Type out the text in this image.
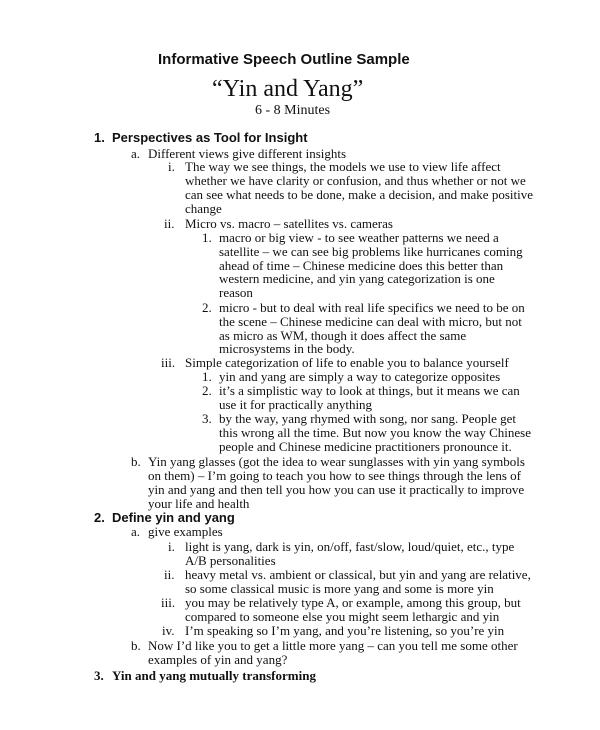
Informative Speech Outline Sample
“Yin and Yang”
6 - 8 Minutes
1. Perspectives as Tool for Insight
a. Different views give different insights
i. The way we see things, the models we use to view life affect
whether we have clarity or confusion, and thus whether or not we
can see what needs to be done, make a decision, and make positive
change
ii. Micro vs. macro – satellites vs. cameras
1. macro or big view - to see weather patterns we need a
satellite – we can see big problems like hurricanes coming
ahead of time – Chinese medicine does this better than
western medicine, and yin yang categorization is one
reason
2. micro - but to deal with real life specifics we need to be on
the scene – Chinese medicine can deal with micro, but not
as micro as WM, though it does affect the same
microsystems in the body.
iii. Simple categorization of life to enable you to balance yourself
1. yin and yang are simply a way to categorize opposites
2. it’s a simplistic way to look at things, but it means we can
use it for practically anything
3. by the way, yang rhymed with song, nor sang. People get
this wrong all the time. But now you know the way Chinese
people and Chinese medicine practitioners pronounce it.
b. Yin yang glasses (got the idea to wear sunglasses with yin yang symbols
on them) – I’m going to teach you how to see things through the lens of
yin and yang and then tell you how you can use it practically to improve
your life and health
2. Define yin and yang
a. give examples
i. light is yang, dark is yin, on/off, fast/slow, loud/quiet, etc., type
A/B personalities
ii. heavy metal vs. ambient or classical, but yin and yang are relative,
so some classical music is more yang and some is more yin
iii. you may be relatively type A, or example, among this group, but
compared to someone else you might seem lethargic and yin
iv. I’m speaking so I’m yang, and you’re listening, so you’re yin
b. Now I’d like you to get a little more yang – can you tell me some other
examples of yin and yang?
3. Yin and yang mutually transforming
